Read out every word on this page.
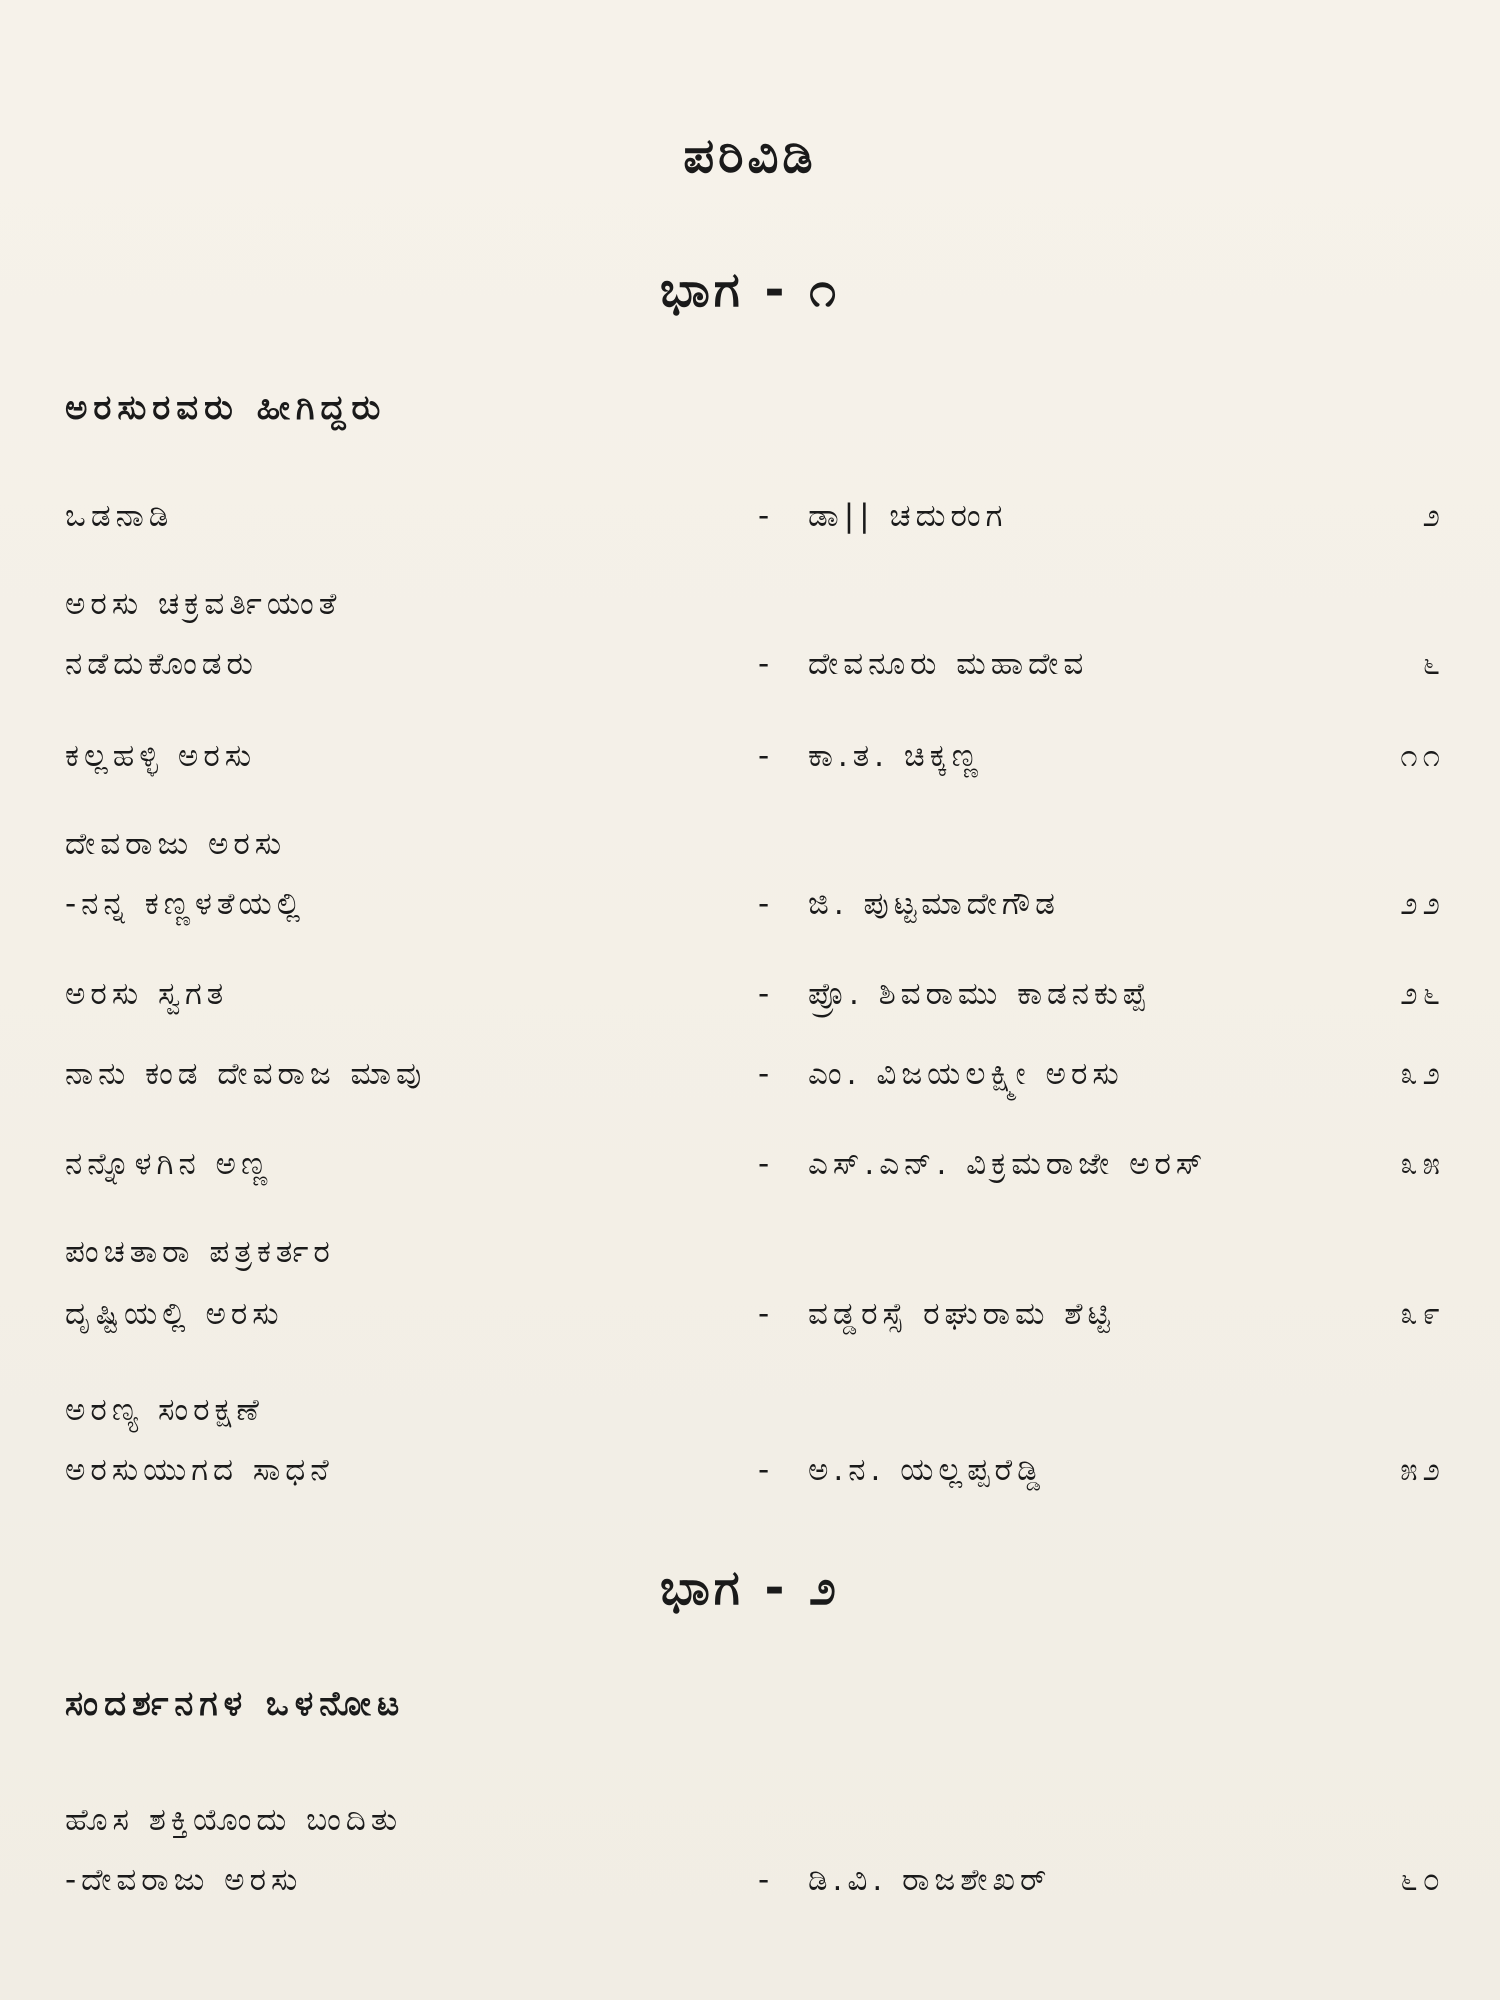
ಪರಿವಿಡಿ
ಭಾಗ - ೧
ಅರಸುರವರು ಹೀಗಿದ್ದರು
ಒಡನಾಡಿ	- ಡಾ|| ಚದುರಂಗ	೨
ಅರಸು ಚಕ್ರವರ್ತಿಯಂತೆ
ನಡೆದುಕೊಂಡರು	- ದೇವನೂರು ಮಹಾದೇವ	೬
ಕಲ್ಲಹಳ್ಳಿ ಅರಸು	- ಕಾ.ತ. ಚಿಕ್ಕಣ್ಣ	೧೧
ದೇವರಾಜು ಅರಸು
-ನನ್ನ ಕಣ್ಣಳತೆಯಲ್ಲಿ	- ಜಿ. ಪುಟ್ಟಮಾದೇಗೌಡ	೨೨
ಅರಸು ಸ್ವಗತ	- ಪ್ರೊ. ಶಿವರಾಮು ಕಾಡನಕುಪ್ಪೆ	೨೬
ನಾನು ಕಂಡ ದೇವರಾಜ ಮಾವು	- ಎಂ. ವಿಜಯಲಕ್ಷ್ಮೀ ಅರಸು	೩೨
ನನ್ನೊಳಗಿನ ಅಣ್ಣ	- ಎಸ್.ಎನ್. ವಿಕ್ರಮರಾಜೇ ಅರಸ್	೩೫
ಪಂಚತಾರಾ ಪತ್ರಕರ್ತರ
ದೃಷ್ಟಿಯಲ್ಲಿ ಅರಸು	- ವಡ್ಡರಸ್ಸೆ ರಘುರಾಮ ಶೆಟ್ಟಿ	೩೯
ಅರಣ್ಯ ಸಂರಕ್ಷಣೆ
ಅರಸುಯುಗದ ಸಾಧನೆ	- ಅ.ನ. ಯಲ್ಲಪ್ಪರೆಡ್ಡಿ	೫೨
ಭಾಗ - ೨
ಸಂದರ್ಶನಗಳ ಒಳನೋಟ
ಹೊಸ ಶಕ್ತಿಯೊಂದು ಬಂದಿತು
-ದೇವರಾಜು ಅರಸು	- ಡಿ.ವಿ. ರಾಜಶೇಖರ್	೬೦
